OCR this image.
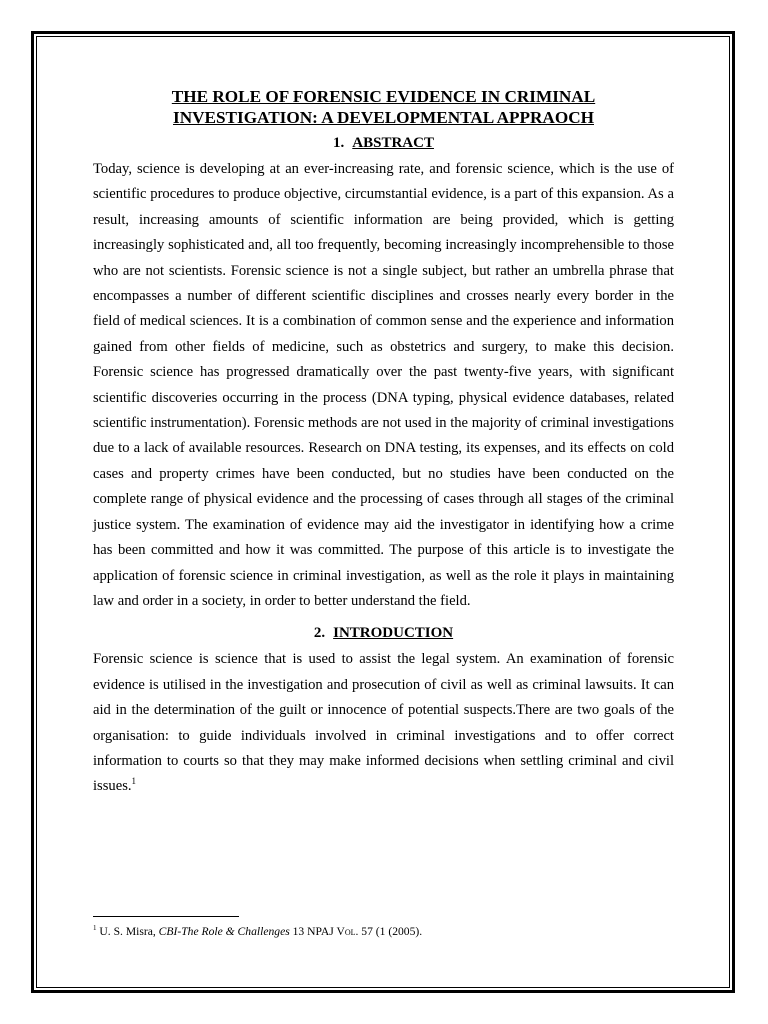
THE ROLE OF FORENSIC EVIDENCE IN CRIMINAL
INVESTIGATION: A DEVELOPMENTAL APPRAOCH
1. ABSTRACT

Today, science is developing at an ever-increasing rate, and forensic science, which is the use of scientific procedures to produce objective, circumstantial evidence, is a part of this expansion. As a result, increasing amounts of scientific information are being provided, which is getting increasingly sophisticated and, all too frequently, becoming increasingly incomprehensible to those who are not scientists. Forensic science is not a single subject, but rather an umbrella phrase that encompasses a number of different scientific disciplines and crosses nearly every border in the field of medical sciences. It is a combination of common sense and the experience and information gained from other fields of medicine, such as obstetrics and surgery, to make this decision. Forensic science has progressed dramatically over the past twenty-five years, with significant scientific discoveries occurring in the process (DNA typing, physical evidence databases, related scientific instrumentation). Forensic methods are not used in the majority of criminal investigations due to a lack of available resources. Research on DNA testing, its expenses, and its effects on cold cases and property crimes have been conducted, but no studies have been conducted on the complete range of physical evidence and the processing of cases through all stages of the criminal justice system. The examination of evidence may aid the investigator in identifying how a crime has been committed and how it was committed. The purpose of this article is to investigate the application of forensic science in criminal investigation, as well as the role it plays in maintaining law and order in a society, in order to better understand the field.

2. INTRODUCTION

Forensic science is science that is used to assist the legal system. An examination of forensic evidence is utilised in the investigation and prosecution of civil as well as criminal lawsuits. It can aid in the determination of the guilt or innocence of potential suspects.There are two goals of the organisation: to guide individuals involved in criminal investigations and to offer correct information to courts so that they may make informed decisions when settling criminal and civil issues.$^1$

$^1$ U. S. Misra, CBI-The Role & Challenges 13 NPAJ Vol. 57 (1 (2005).
